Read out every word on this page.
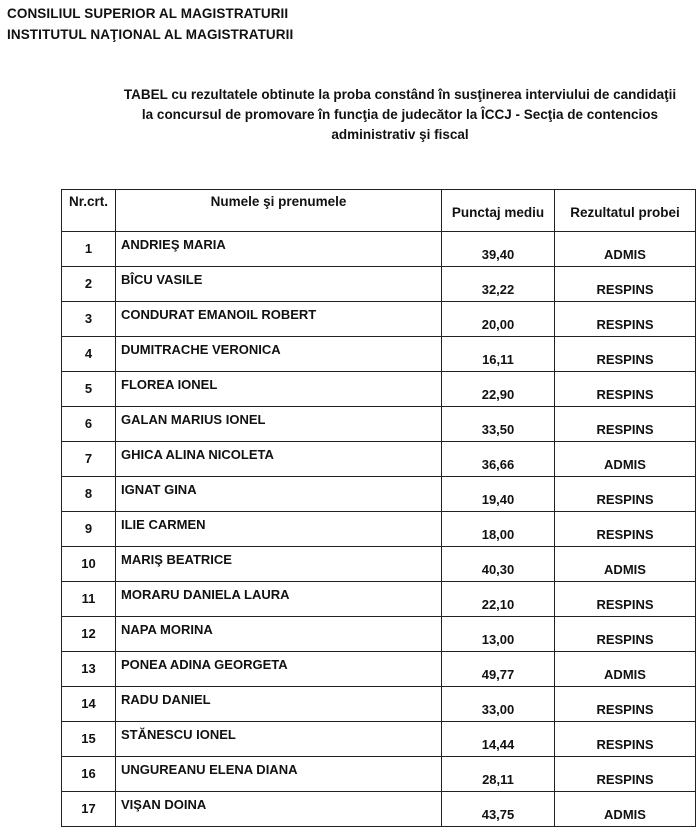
CONSILIUL SUPERIOR AL MAGISTRATURII
INSTITUTUL NAŢIONAL AL MAGISTRATURII
TABEL cu rezultatele obtinute la proba constând în susţinerea interviului de candidaţii
la concursul de promovare în funcţia de judecător la ÎCCJ - Secţia de contencios
administrativ şi fiscal
Nr.crt.	Numele şi prenumele	Punctaj mediu	Rezultatul probei
1	ANDRIEŞ MARIA	39,40	ADMIS
2	BÎCU VASILE	32,22	RESPINS
3	CONDURAT EMANOIL ROBERT	20,00	RESPINS
4	DUMITRACHE VERONICA	16,11	RESPINS
5	FLOREA IONEL	22,90	RESPINS
6	GALAN MARIUS IONEL	33,50	RESPINS
7	GHICA ALINA NICOLETA	36,66	ADMIS
8	IGNAT GINA	19,40	RESPINS
9	ILIE CARMEN	18,00	RESPINS
10	MARIŞ BEATRICE	40,30	ADMIS
11	MORARU DANIELA LAURA	22,10	RESPINS
12	NAPA MORINA	13,00	RESPINS
13	PONEA ADINA GEORGETA	49,77	ADMIS
14	RADU DANIEL	33,00	RESPINS
15	STĂNESCU IONEL	14,44	RESPINS
16	UNGUREANU ELENA DIANA	28,11	RESPINS
17	VIŞAN DOINA	43,75	ADMIS
